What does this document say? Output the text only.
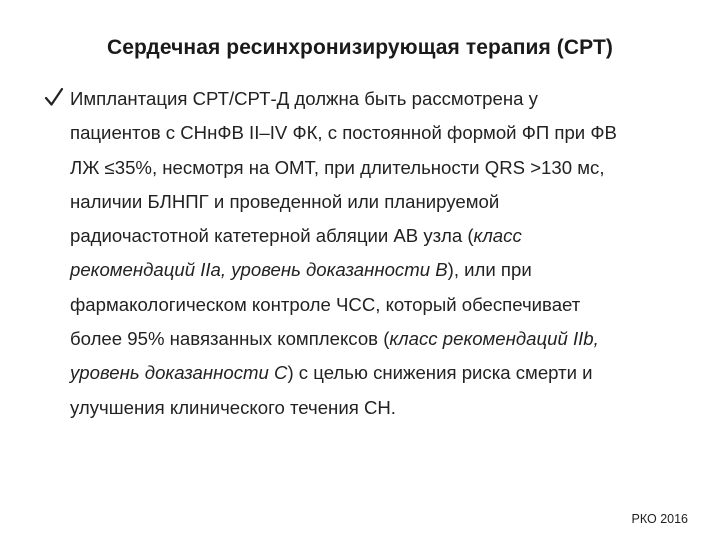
Сердечная ресинхронизирующая терапия (СРТ)
Имплантация СРТ/СРТ-Д должна быть рассмотрена у
пациентов с СНнФВ II–IV ФК, с постоянной формой ФП при ФВ
ЛЖ ≤35%, несмотря на ОМТ, при длительности QRS >130 мс,
наличии БЛНПГ и проведенной или планируемой
радиочастотной катетерной абляции АВ узла (класс
рекомендаций IIa, уровень доказанности B), или при
фармакологическом контроле ЧСС, который обеспечивает
более 95% навязанных комплексов (класс рекомендаций IIb,
уровень доказанности C) с целью снижения риска смерти и
улучшения клинического течения СН.
РКО 2016
